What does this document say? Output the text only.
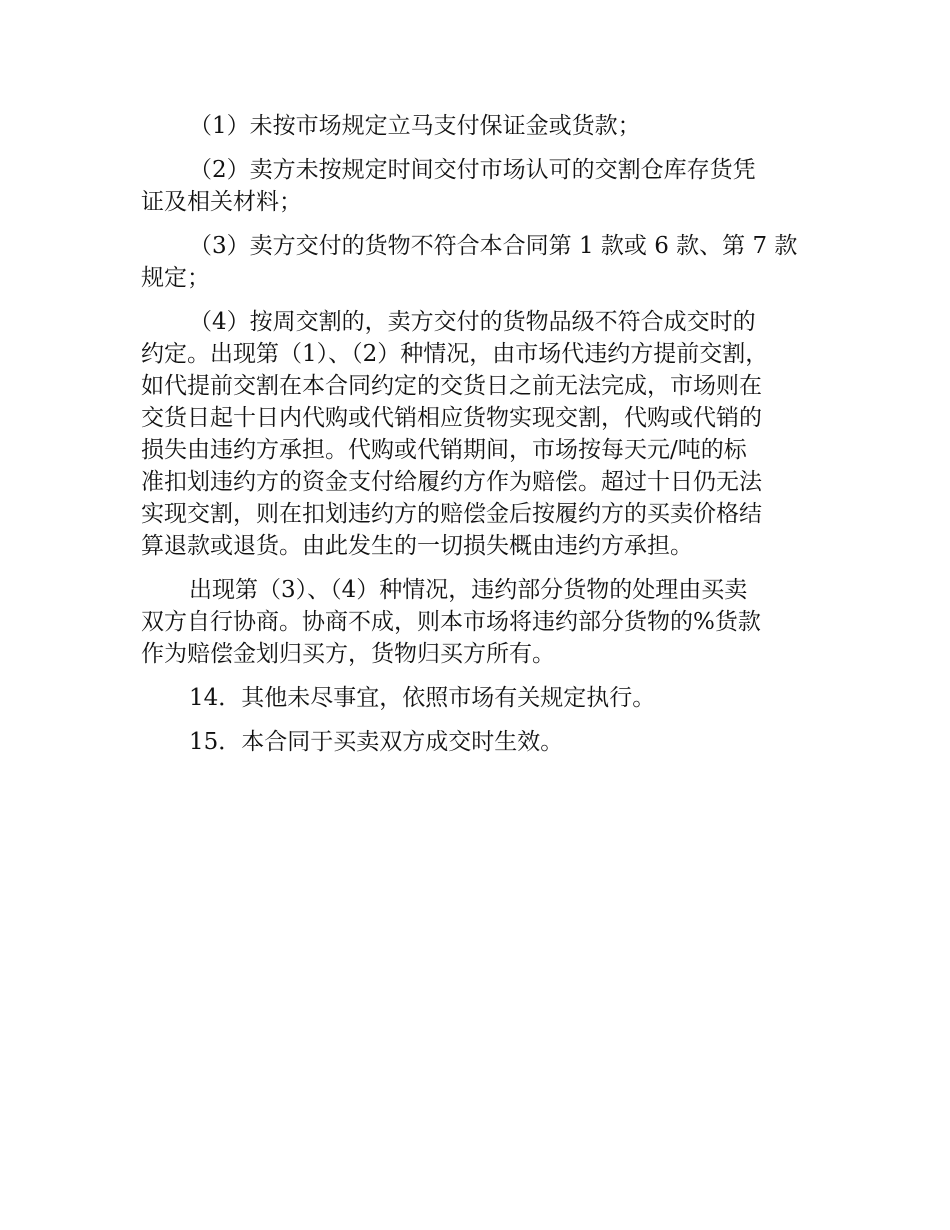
（1）未按市场规定立马支付保证金或货款；
（2）卖方未按规定时间交付市场认可的交割仓库存货凭
证及相关材料；
（3）卖方交付的货物不符合本合同第 1 款或 6 款、第 7 款
规定；
（4）按周交割的，卖方交付的货物品级不符合成交时的
约定。出现第（1）、（2）种情况，由市场代违约方提前交割，
如代提前交割在本合同约定的交货日之前无法完成，市场则在
交货日起十日内代购或代销相应货物实现交割，代购或代销的
损失由违约方承担。代购或代销期间，市场按每天元/吨的标
准扣划违约方的资金支付给履约方作为赔偿。超过十日仍无法
实现交割，则在扣划违约方的赔偿金后按履约方的买卖价格结
算退款或退货。由此发生的一切损失概由违约方承担。
出现第（3）、（4）种情况，违约部分货物的处理由买卖
双方自行协商。协商不成，则本市场将违约部分货物的%货款
作为赔偿金划归买方，货物归买方所有。
14．其他未尽事宜，依照市场有关规定执行。
15．本合同于买卖双方成交时生效。
